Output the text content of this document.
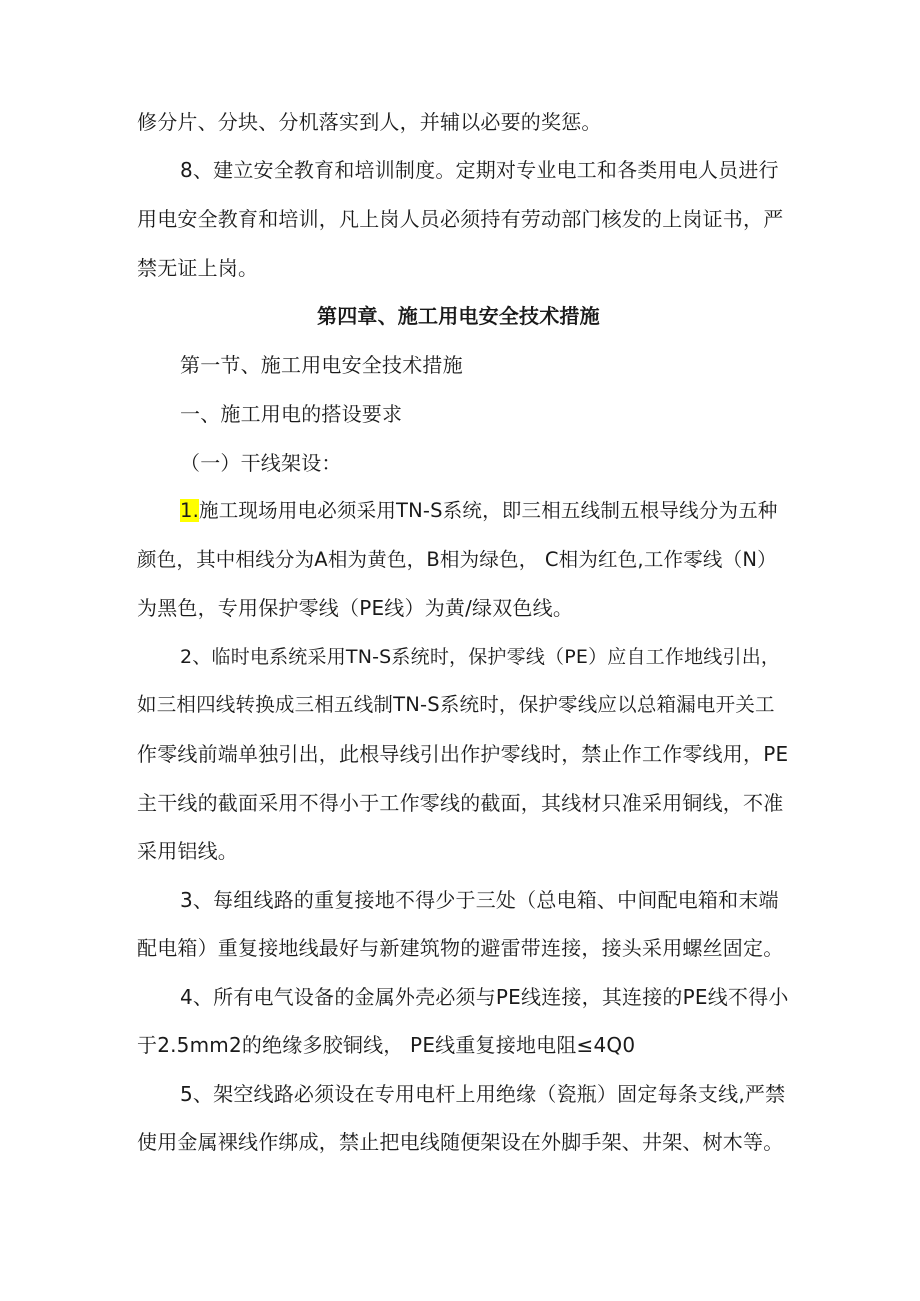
修分片、分块、分机落实到人，并辅以必要的奖惩。
8、建立安全教育和培训制度。定期对专业电工和各类用电人员进行
用电安全教育和培训，凡上岗人员必须持有劳动部门核发的上岗证书，严
禁无证上岗。
第四章、施工用电安全技术措施
第一节、施工用电安全技术措施
一、施工用电的搭设要求
（一）干线架设：
1.施工现场用电必须采用TN-S系统，即三相五线制五根导线分为五种
颜色，其中相线分为A相为黄色，B相为绿色， C相为红色,工作零线（N）
为黑色，专用保护零线（PE线）为黄/绿双色线。
2、临时电系统采用TN-S系统时，保护零线（PE）应自工作地线引出，
如三相四线转换成三相五线制TN-S系统时，保护零线应以总箱漏电开关工
作零线前端单独引出，此根导线引出作护零线时，禁止作工作零线用，PE
主干线的截面采用不得小于工作零线的截面，其线材只准采用铜线，不准
采用铝线。
3、每组线路的重复接地不得少于三处（总电箱、中间配电箱和末端
配电箱）重复接地线最好与新建筑物的避雷带连接，接头采用螺丝固定。
4、所有电气设备的金属外壳必须与PE线连接，其连接的PE线不得小
于2.5mm2的绝缘多胶铜线， PE线重复接地电阻≤4Q0
5、架空线路必须设在专用电杆上用绝缘（瓷瓶）固定每条支线,严禁
使用金属裸线作绑成，禁止把电线随便架设在外脚手架、井架、树木等。
